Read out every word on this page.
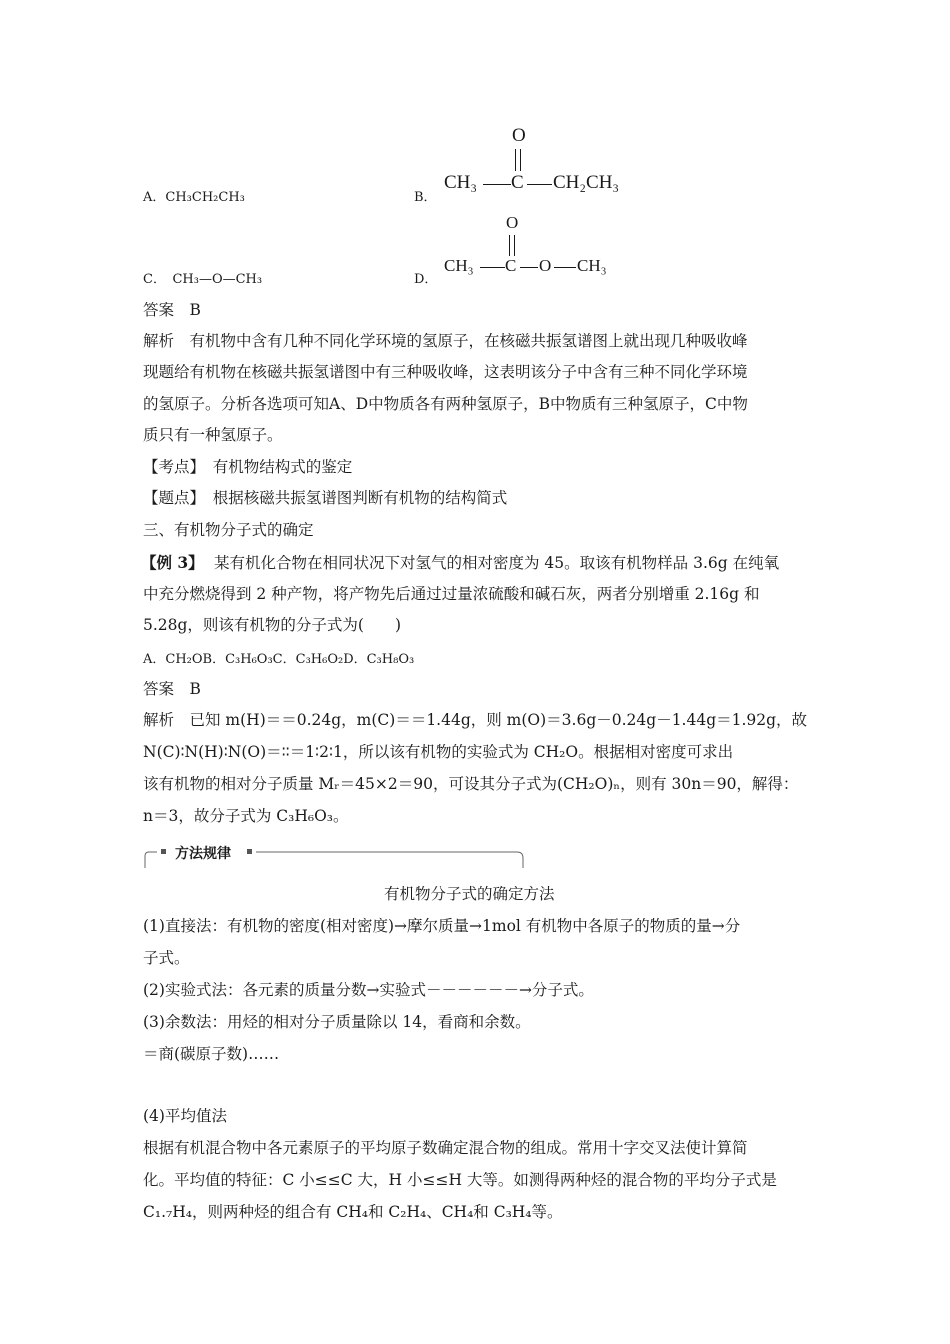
A．CH₃CH₂CH₃	B．
O
CH₃ C CH₂CH₃
C．　CH₃—O—CH₃	D．
O
CH₃ C O CH₃
答案　B
解析　有机物中含有几种不同化学环境的氢原子，在核磁共振氢谱图上就出现几种吸收峰
现题给有机物在核磁共振氢谱图中有三种吸收峰，这表明该分子中含有三种不同化学环境
的氢原子。分析各选项可知A、D中物质各有两种氢原子，B中物质有三种氢原子，C中物
质只有一种氢原子。
【考点】　有机物结构式的鉴定
【题点】　根据核磁共振氢谱图判断有机物的结构简式
三、有机物分子式的确定
【例 3】 某有机化合物在相同状况下对氢气的相对密度为 45。取该有机物样品 3.6g 在纯氧
中充分燃烧得到 2 种产物，将产物先后通过过量浓硫酸和碱石灰，两者分别增重 2.16g 和
5.28g，则该有机物的分子式为(　　)
A．CH₂OB．C₃H₆O₃C．C₃H₆O₂D．C₃H₈O₃
答案　B
解析　已知 m(H)＝＝0.24g，m(C)＝＝1.44g，则 m(O)＝3.6g－0.24g－1.44g＝1.92g，故
N(C)∶N(H)∶N(O)＝∶∶＝1∶2∶1，所以该有机物的实验式为 CH₂O。根据相对密度可求出
该有机物的相对分子质量 Mᵣ＝45×2＝90，可设其分子式为(CH₂O)ₙ，则有 30n＝90，解得：
n＝3，故分子式为 C₃H₆O₃。
方法规律
有机物分子式的确定方法
(1)直接法：有机物的密度(相对密度)→摩尔质量→1mol 有机物中各原子的物质的量→分
子式。
(2)实验式法：各元素的质量分数→实验式－－－－－－→分子式。
(3)余数法：用烃的相对分子质量除以 14，看商和余数。
＝商(碳原子数)……
(4)平均值法
根据有机混合物中各元素原子的平均原子数确定混合物的组成。常用十字交叉法使计算简
化。平均值的特征：C 小≤≤C 大，H 小≤≤H 大等。如测得两种烃的混合物的平均分子式是
C₁.₇H₄，则两种烃的组合有 CH₄和 C₂H₄、CH₄和 C₃H₄等。
